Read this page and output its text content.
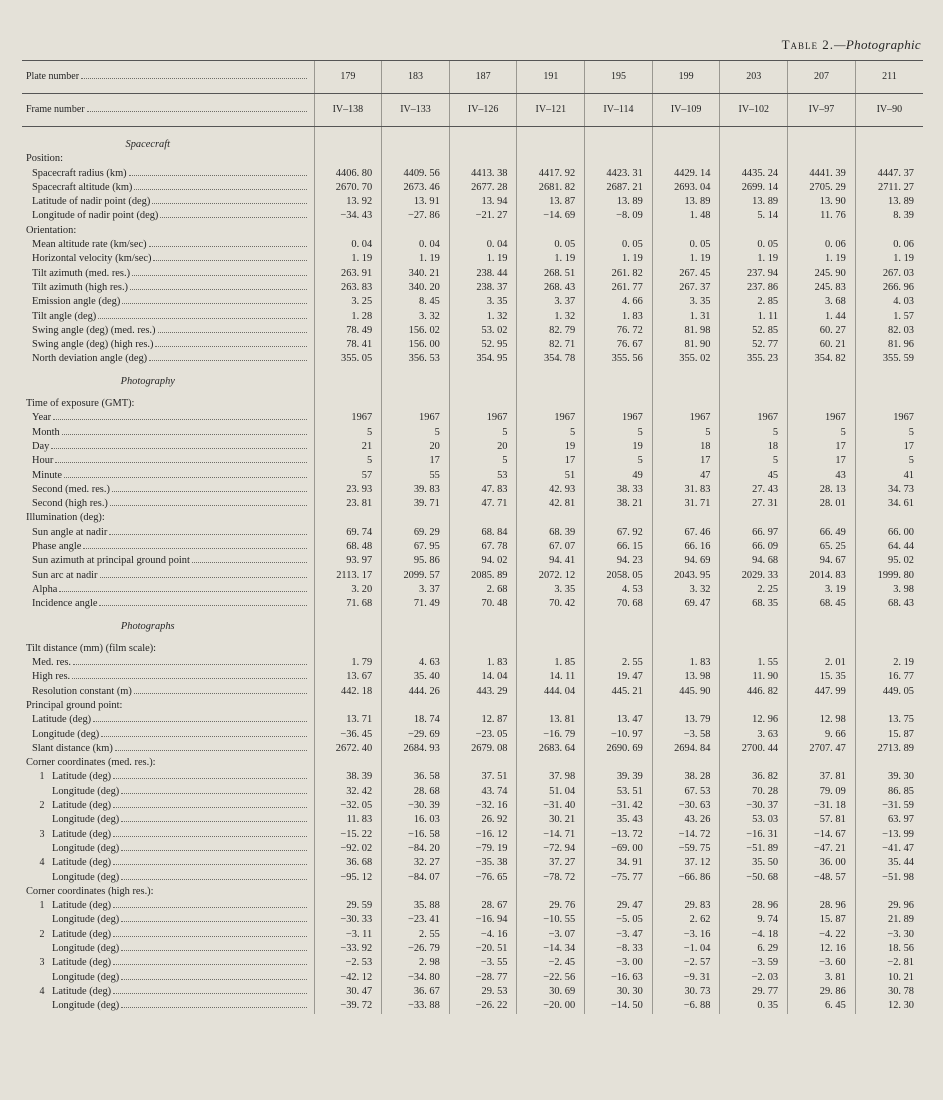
Table 2.—Photographic
Plate number	179	183	187	191	195	199	203	207	211

Frame number	IV–138	IV–133	IV–126	IV–121	IV–114	IV–109	IV–102	IV–97	IV–90

Spacecraft									
Position:									

Spacecraft radius (km)	4406. 80	4409. 56	4413. 38	4417. 92	4423. 31	4429. 14	4435. 24	4441. 39	4447. 37

Spacecraft altitude (km)	2670. 70	2673. 46	2677. 28	2681. 82	2687. 21	2693. 04	2699. 14	2705. 29	2711. 27

Latitude of nadir point (deg)	13. 92	13. 91	13. 94	13. 87	13. 89	13. 89	13. 89	13. 90	13. 89

Longitude of nadir point (deg)	−34. 43	−27. 86	−21. 27	−14. 69	−8. 09	1. 48	5. 14	11. 76	8. 39
Orientation:									

Mean altitude rate (km/sec)	0. 04	0. 04	0. 04	0. 05	0. 05	0. 05	0. 05	0. 06	0. 06

Horizontal velocity (km/sec)	1. 19	1. 19	1. 19	1. 19	1. 19	1. 19	1. 19	1. 19	1. 19

Tilt azimuth (med. res.)	263. 91	340. 21	238. 44	268. 51	261. 82	267. 45	237. 94	245. 90	267. 03

Tilt azimuth (high res.)	263. 83	340. 20	238. 37	268. 43	261. 77	267. 37	237. 86	245. 83	266. 96

Emission angle (deg)	3. 25	8. 45	3. 35	3. 37	4. 66	3. 35	2. 85	3. 68	4. 03

Tilt angle (deg)	1. 28	3. 32	1. 32	1. 32	1. 83	1. 31	1. 11	1. 44	1. 57

Swing angle (deg) (med. res.)	78. 49	156. 02	53. 02	82. 79	76. 72	81. 98	52. 85	60. 27	82. 03

Swing angle (deg) (high res.)	78. 41	156. 00	52. 95	82. 71	76. 67	81. 90	52. 77	60. 21	81. 96

North deviation angle (deg)	355. 05	356. 53	354. 95	354. 78	355. 56	355. 02	355. 23	354. 82	355. 59

Photography									

Time of exposure (GMT):									

Year	1967	1967	1967	1967	1967	1967	1967	1967	1967

Month	5	5	5	5	5	5	5	5	5

Day	21	20	20	19	19	18	18	17	17

Hour	5	17	5	17	5	17	5	17	5

Minute	57	55	53	51	49	47	45	43	41

Second (med. res.)	23. 93	39. 83	47. 83	42. 93	38. 33	31. 83	27. 43	28. 13	34. 73

Second (high res.)	23. 81	39. 71	47. 71	42. 81	38. 21	31. 71	27. 31	28. 01	34. 61
Illumination (deg):									

Sun angle at nadir	69. 74	69. 29	68. 84	68. 39	67. 92	67. 46	66. 97	66. 49	66. 00

Phase angle	68. 48	67. 95	67. 78	67. 07	66. 15	66. 16	66. 09	65. 25	64. 44

Sun azimuth at principal ground point	93. 97	95. 86	94. 02	94. 41	94. 23	94. 69	94. 68	94. 67	95. 02

Sun arc at nadir	2113. 17	2099. 57	2085. 89	2072. 12	2058. 05	2043. 95	2029. 33	2014. 83	1999. 80

Alpha	3. 20	3. 37	2. 68	3. 35	4. 53	3. 32	2. 25	3. 19	3. 98

Incidence angle	71. 68	71. 49	70. 48	70. 42	70. 68	69. 47	68. 35	68. 45	68. 43

Photographs									

Tilt distance (mm) (film scale):									

Med. res.	1. 79	4. 63	1. 83	1. 85	2. 55	1. 83	1. 55	2. 01	2. 19

High res.	13. 67	35. 40	14. 04	14. 11	19. 47	13. 98	11. 90	15. 35	16. 77

Resolution constant (m)	442. 18	444. 26	443. 29	444. 04	445. 21	445. 90	446. 82	447. 99	449. 05
Principal ground point:									

Latitude (deg)	13. 71	18. 74	12. 87	13. 81	13. 47	13. 79	12. 96	12. 98	13. 75

Longitude (deg)	−36. 45	−29. 69	−23. 05	−16. 79	−10. 97	−3. 58	3. 63	9. 66	15. 87

Slant distance (km)	2672. 40	2684. 93	2679. 08	2683. 64	2690. 69	2694. 84	2700. 44	2707. 47	2713. 89
Corner coordinates (med. res.):									

1 Latitude (deg)	38. 39	36. 58	37. 51	37. 98	39. 39	38. 28	36. 82	37. 81	39. 30

Longitude (deg)	32. 42	28. 68	43. 74	51. 04	53. 51	67. 53	70. 28	79. 09	86. 85

2 Latitude (deg)	−32. 05	−30. 39	−32. 16	−31. 40	−31. 42	−30. 63	−30. 37	−31. 18	−31. 59

Longitude (deg)	11. 83	16. 03	26. 92	30. 21	35. 43	43. 26	53. 03	57. 81	63. 97

3 Latitude (deg)	−15. 22	−16. 58	−16. 12	−14. 71	−13. 72	−14. 72	−16. 31	−14. 67	−13. 99

Longitude (deg)	−92. 02	−84. 20	−79. 19	−72. 94	−69. 00	−59. 75	−51. 89	−47. 21	−41. 47

4 Latitude (deg)	36. 68	32. 27	−35. 38	37. 27	34. 91	37. 12	35. 50	36. 00	35. 44

Longitude (deg)	−95. 12	−84. 07	−76. 65	−78. 72	−75. 77	−66. 86	−50. 68	−48. 57	−51. 98
Corner coordinates (high res.):									

1 Latitude (deg)	29. 59	35. 88	28. 67	29. 76	29. 47	29. 83	28. 96	28. 96	29. 96

Longitude (deg)	−30. 33	−23. 41	−16. 94	−10. 55	−5. 05	2. 62	9. 74	15. 87	21. 89

2 Latitude (deg)	−3. 11	2. 55	−4. 16	−3. 07	−3. 47	−3. 16	−4. 18	−4. 22	−3. 30

Longitude (deg)	−33. 92	−26. 79	−20. 51	−14. 34	−8. 33	−1. 04	6. 29	12. 16	18. 56

3 Latitude (deg)	−2. 53	2. 98	−3. 55	−2. 45	−3. 00	−2. 57	−3. 59	−3. 60	−2. 81

Longitude (deg)	−42. 12	−34. 80	−28. 77	−22. 56	−16. 63	−9. 31	−2. 03	3. 81	10. 21

4 Latitude (deg)	30. 47	36. 67	29. 53	30. 69	30. 30	30. 73	29. 77	29. 86	30. 78

Longitude (deg)	−39. 72	−33. 88	−26. 22	−20. 00	−14. 50	−6. 88	0. 35	6. 45	12. 30
